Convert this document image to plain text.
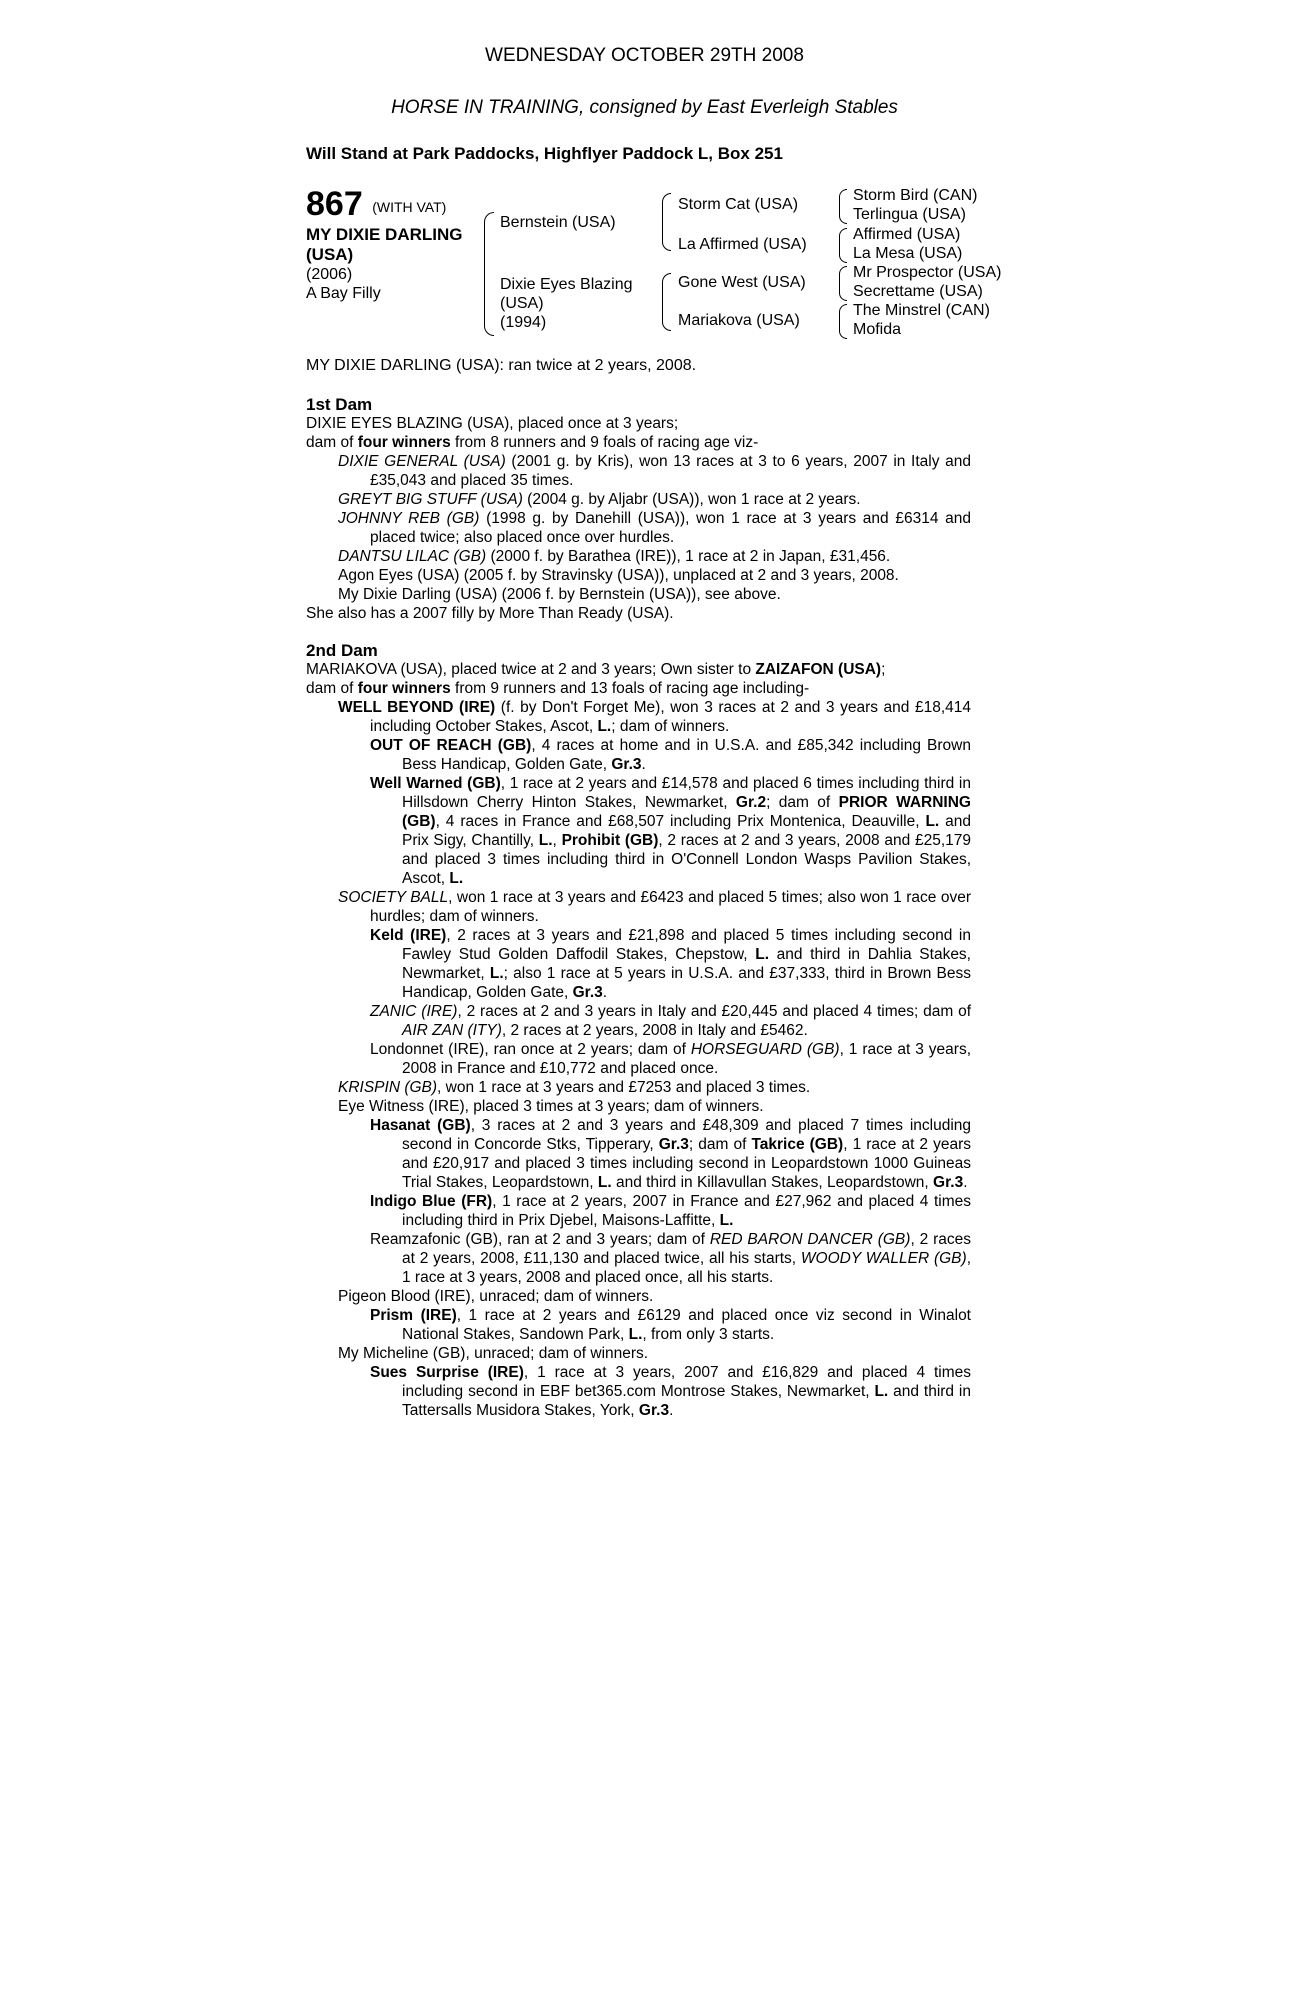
WEDNESDAY OCTOBER 29TH 2008
HORSE IN TRAINING, consigned by East Everleigh Stables
Will Stand at Park Paddocks, Highflyer Paddock L, Box 251
867 (WITH VAT)
MY DIXIE DARLING
(USA)
(2006)
A Bay Filly
Bernstein (USA)
Dixie Eyes Blazing
(USA)
(1994)
Storm Cat (USA)
La Affirmed (USA)
Gone West (USA)
Mariakova (USA)
Storm Bird (CAN)
Terlingua (USA)
Affirmed (USA)
La Mesa (USA)
Mr Prospector (USA)
Secrettame (USA)
The Minstrel (CAN)
Mofida
MY DIXIE DARLING (USA): ran twice at 2 years, 2008.
1st Dam

DIXIE EYES BLAZING (USA), placed once at 3 years;

dam of four winners from 8 runners and 9 foals of racing age viz-

DIXIE GENERAL (USA) (2001 g. by Kris), won 13 races at 3 to 6 years, 2007 in Italy and £35,043 and placed 35 times.

GREYT BIG STUFF (USA) (2004 g. by Aljabr (USA)), won 1 race at 2 years.

JOHNNY REB (GB) (1998 g. by Danehill (USA)), won 1 race at 3 years and £6314 and placed twice; also placed once over hurdles.

DANTSU LILAC (GB) (2000 f. by Barathea (IRE)), 1 race at 2 in Japan, £31,456.

Agon Eyes (USA) (2005 f. by Stravinsky (USA)), unplaced at 2 and 3 years, 2008.

My Dixie Darling (USA) (2006 f. by Bernstein (USA)), see above.

She also has a 2007 filly by More Than Ready (USA).

2nd Dam

MARIAKOVA (USA), placed twice at 2 and 3 years; Own sister to ZAIZAFON (USA);

dam of four winners from 9 runners and 13 foals of racing age including-

WELL BEYOND (IRE) (f. by Don't Forget Me), won 3 races at 2 and 3 years and £18,414 including October Stakes, Ascot, L.; dam of winners.

OUT OF REACH (GB), 4 races at home and in U.S.A. and £85,342 including Brown Bess Handicap, Golden Gate, Gr.3.

Well Warned (GB), 1 race at 2 years and £14,578 and placed 6 times including third in Hillsdown Cherry Hinton Stakes, Newmarket, Gr.2; dam of PRIOR WARNING (GB), 4 races in France and £68,507 including Prix Montenica, Deauville, L. and Prix Sigy, Chantilly, L., Prohibit (GB), 2 races at 2 and 3 years, 2008 and £25,179 and placed 3 times including third in O'Connell London Wasps Pavilion Stakes, Ascot, L.

SOCIETY BALL, won 1 race at 3 years and £6423 and placed 5 times; also won 1 race over hurdles; dam of winners.

Keld (IRE), 2 races at 3 years and £21,898 and placed 5 times including second in Fawley Stud Golden Daffodil Stakes, Chepstow, L. and third in Dahlia Stakes, Newmarket, L.; also 1 race at 5 years in U.S.A. and £37,333, third in Brown Bess Handicap, Golden Gate, Gr.3.

ZANIC (IRE), 2 races at 2 and 3 years in Italy and £20,445 and placed 4 times; dam of AIR ZAN (ITY), 2 races at 2 years, 2008 in Italy and £5462.

Londonnet (IRE), ran once at 2 years; dam of HORSEGUARD (GB), 1 race at 3 years, 2008 in France and £10,772 and placed once.

KRISPIN (GB), won 1 race at 3 years and £7253 and placed 3 times.

Eye Witness (IRE), placed 3 times at 3 years; dam of winners.

Hasanat (GB), 3 races at 2 and 3 years and £48,309 and placed 7 times including second in Concorde Stks, Tipperary, Gr.3; dam of Takrice (GB), 1 race at 2 years and £20,917 and placed 3 times including second in Leopardstown 1000 Guineas Trial Stakes, Leopardstown, L. and third in Killavullan Stakes, Leopardstown, Gr.3.

Indigo Blue (FR), 1 race at 2 years, 2007 in France and £27,962 and placed 4 times including third in Prix Djebel, Maisons-Laffitte, L.

Reamzafonic (GB), ran at 2 and 3 years; dam of RED BARON DANCER (GB), 2 races at 2 years, 2008, £11,130 and placed twice, all his starts, WOODY WALLER (GB), 1 race at 3 years, 2008 and placed once, all his starts.

Pigeon Blood (IRE), unraced; dam of winners.

Prism (IRE), 1 race at 2 years and £6129 and placed once viz second in Winalot National Stakes, Sandown Park, L., from only 3 starts.

My Micheline (GB), unraced; dam of winners.

Sues Surprise (IRE), 1 race at 3 years, 2007 and £16,829 and placed 4 times including second in EBF bet365.com Montrose Stakes, Newmarket, L. and third in Tattersalls Musidora Stakes, York, Gr.3.
